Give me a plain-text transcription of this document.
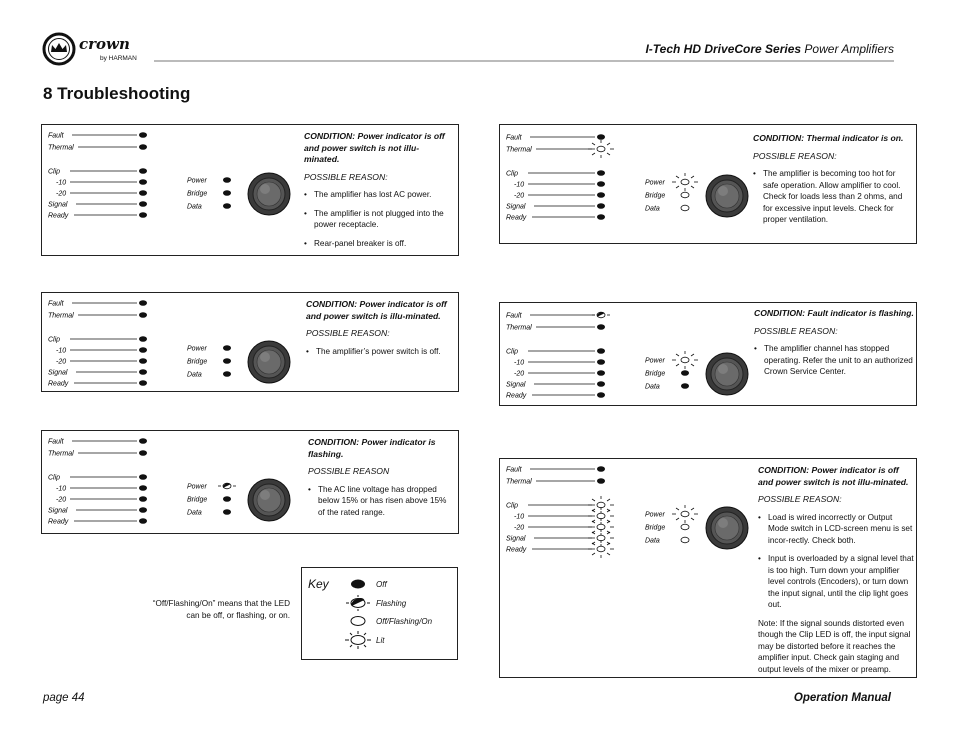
crown
by HARMAN
I-Tech HD DriveCore Series Power Amplifiers
8 Troubleshooting
Fault
Thermal
Clip
-10
-20
Signal
Ready
Power
Bridge
Data
CONDITION: Power indicator is off and power switch is not illu-minated.
POSSIBLE REASON:
• The amplifier has lost AC power.
• The amplifier is not plugged into the power receptacle.
• Rear-panel breaker is off.
Fault
Thermal
Clip
-10
-20
Signal
Ready
Power
Bridge
Data
CONDITION: Power indicator is off and power switch is illu-minated.
POSSIBLE REASON:
• The amplifier’s power switch is off.
Fault
Thermal
Clip
-10
-20
Signal
Ready
Power
Bridge
Data
CONDITION: Power indicator is flashing.
POSSIBLE REASON
• The AC line voltage has dropped below 15% or has risen above 15% of the rated range.
Fault
Thermal
Clip
-10
-20
Signal
Ready
Power
Bridge
Data
CONDITION: Thermal indicator is on.
POSSIBLE REASON:
• The amplifier is becoming too hot for safe operation. Allow amplifier to cool. Check for loads less than 2 ohms, and for excessive input levels. Check for proper ventilation.
Fault
Thermal
Clip
-10
-20
Signal
Ready
Power
Bridge
Data
CONDITION: Fault indicator is flashing.
POSSIBLE REASON:
• The amplifier channel has stopped operating. Refer the unit to an authorized Crown Service Center.
Fault
Thermal
Clip
-10
-20
Signal
Ready
Power
Bridge
Data
CONDITION: Power indicator is off and power switch is not illu-minated.
POSSIBLE REASON:
• Load is wired incorrectly or Output Mode switch in LCD-screen menu is set incor-rectly. Check both.
• Input is overloaded by a signal level that is too high. Turn down your amplifier level controls (Encoders), or turn down the input signal, until the clip light goes out.

Note: If the signal sounds distorted even though the Clip LED is off, the input signal may be distorted before it reaches the amplifier input. Check gain staging and output levels of the mixer or preamp.

Key	Off
Flashing
Off/Flashing/On
Lit
“Off/Flashing/On” means that the LED can be off, or flashing, or on.
page 44	Operation Manual
